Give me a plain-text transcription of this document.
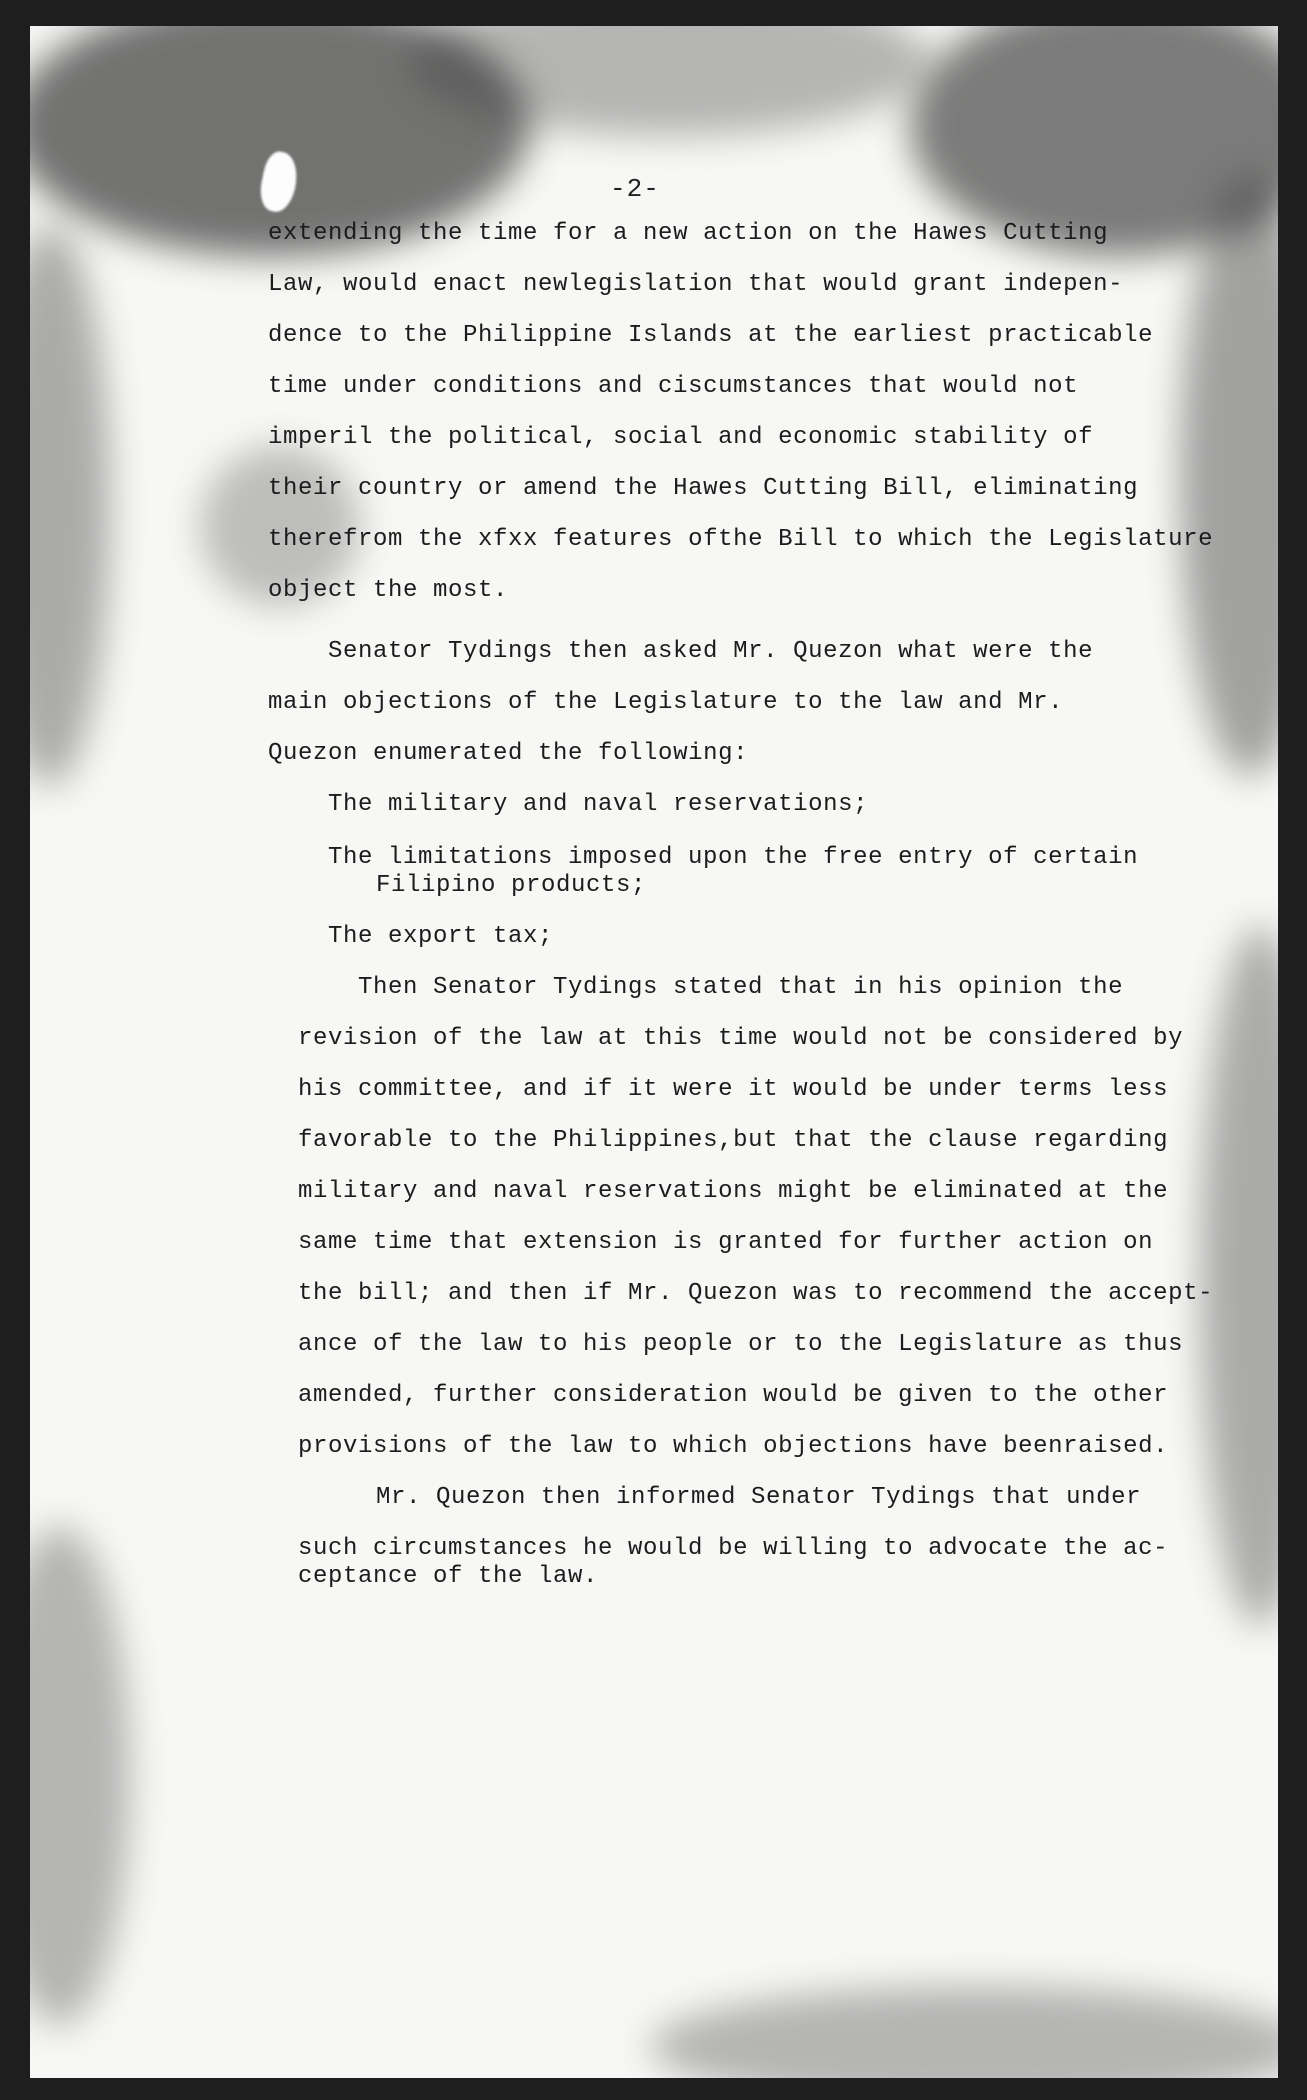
-2-
extending the time for a new action on the Hawes Cutting
Law, would enact newlegislation that would grant indepen-
dence to the Philippine Islands at the earliest practicable
time under conditions and ciscumstances that would not
imperil the political, social and economic stability of
their country or amend the Hawes Cutting Bill, eliminating
therefrom the xfxx features ofthe Bill to which the Legislature
object the most.
Senator Tydings then asked Mr. Quezon what were the
main objections of the Legislature to the law and Mr.
Quezon enumerated the following:
The military and naval reservations;
The limitations imposed upon the free entry of certain
Filipino products;
The export tax;
Then Senator Tydings stated that in his opinion the
revision of the law at this time would not be considered by
his committee, and if it were it would be under terms less
favorable to the Philippines,but that the clause regarding
military and naval reservations might be eliminated at the
same time that extension is granted for further action on
the bill; and then if Mr. Quezon was to recommend the accept-
ance of the law to his people or to the Legislature as thus
amended, further consideration would be given to the other
provisions of the law to which objections have beenraised.
Mr. Quezon then informed Senator Tydings that under
such circumstances he would be willing to advocate the ac-
ceptance of the law.
